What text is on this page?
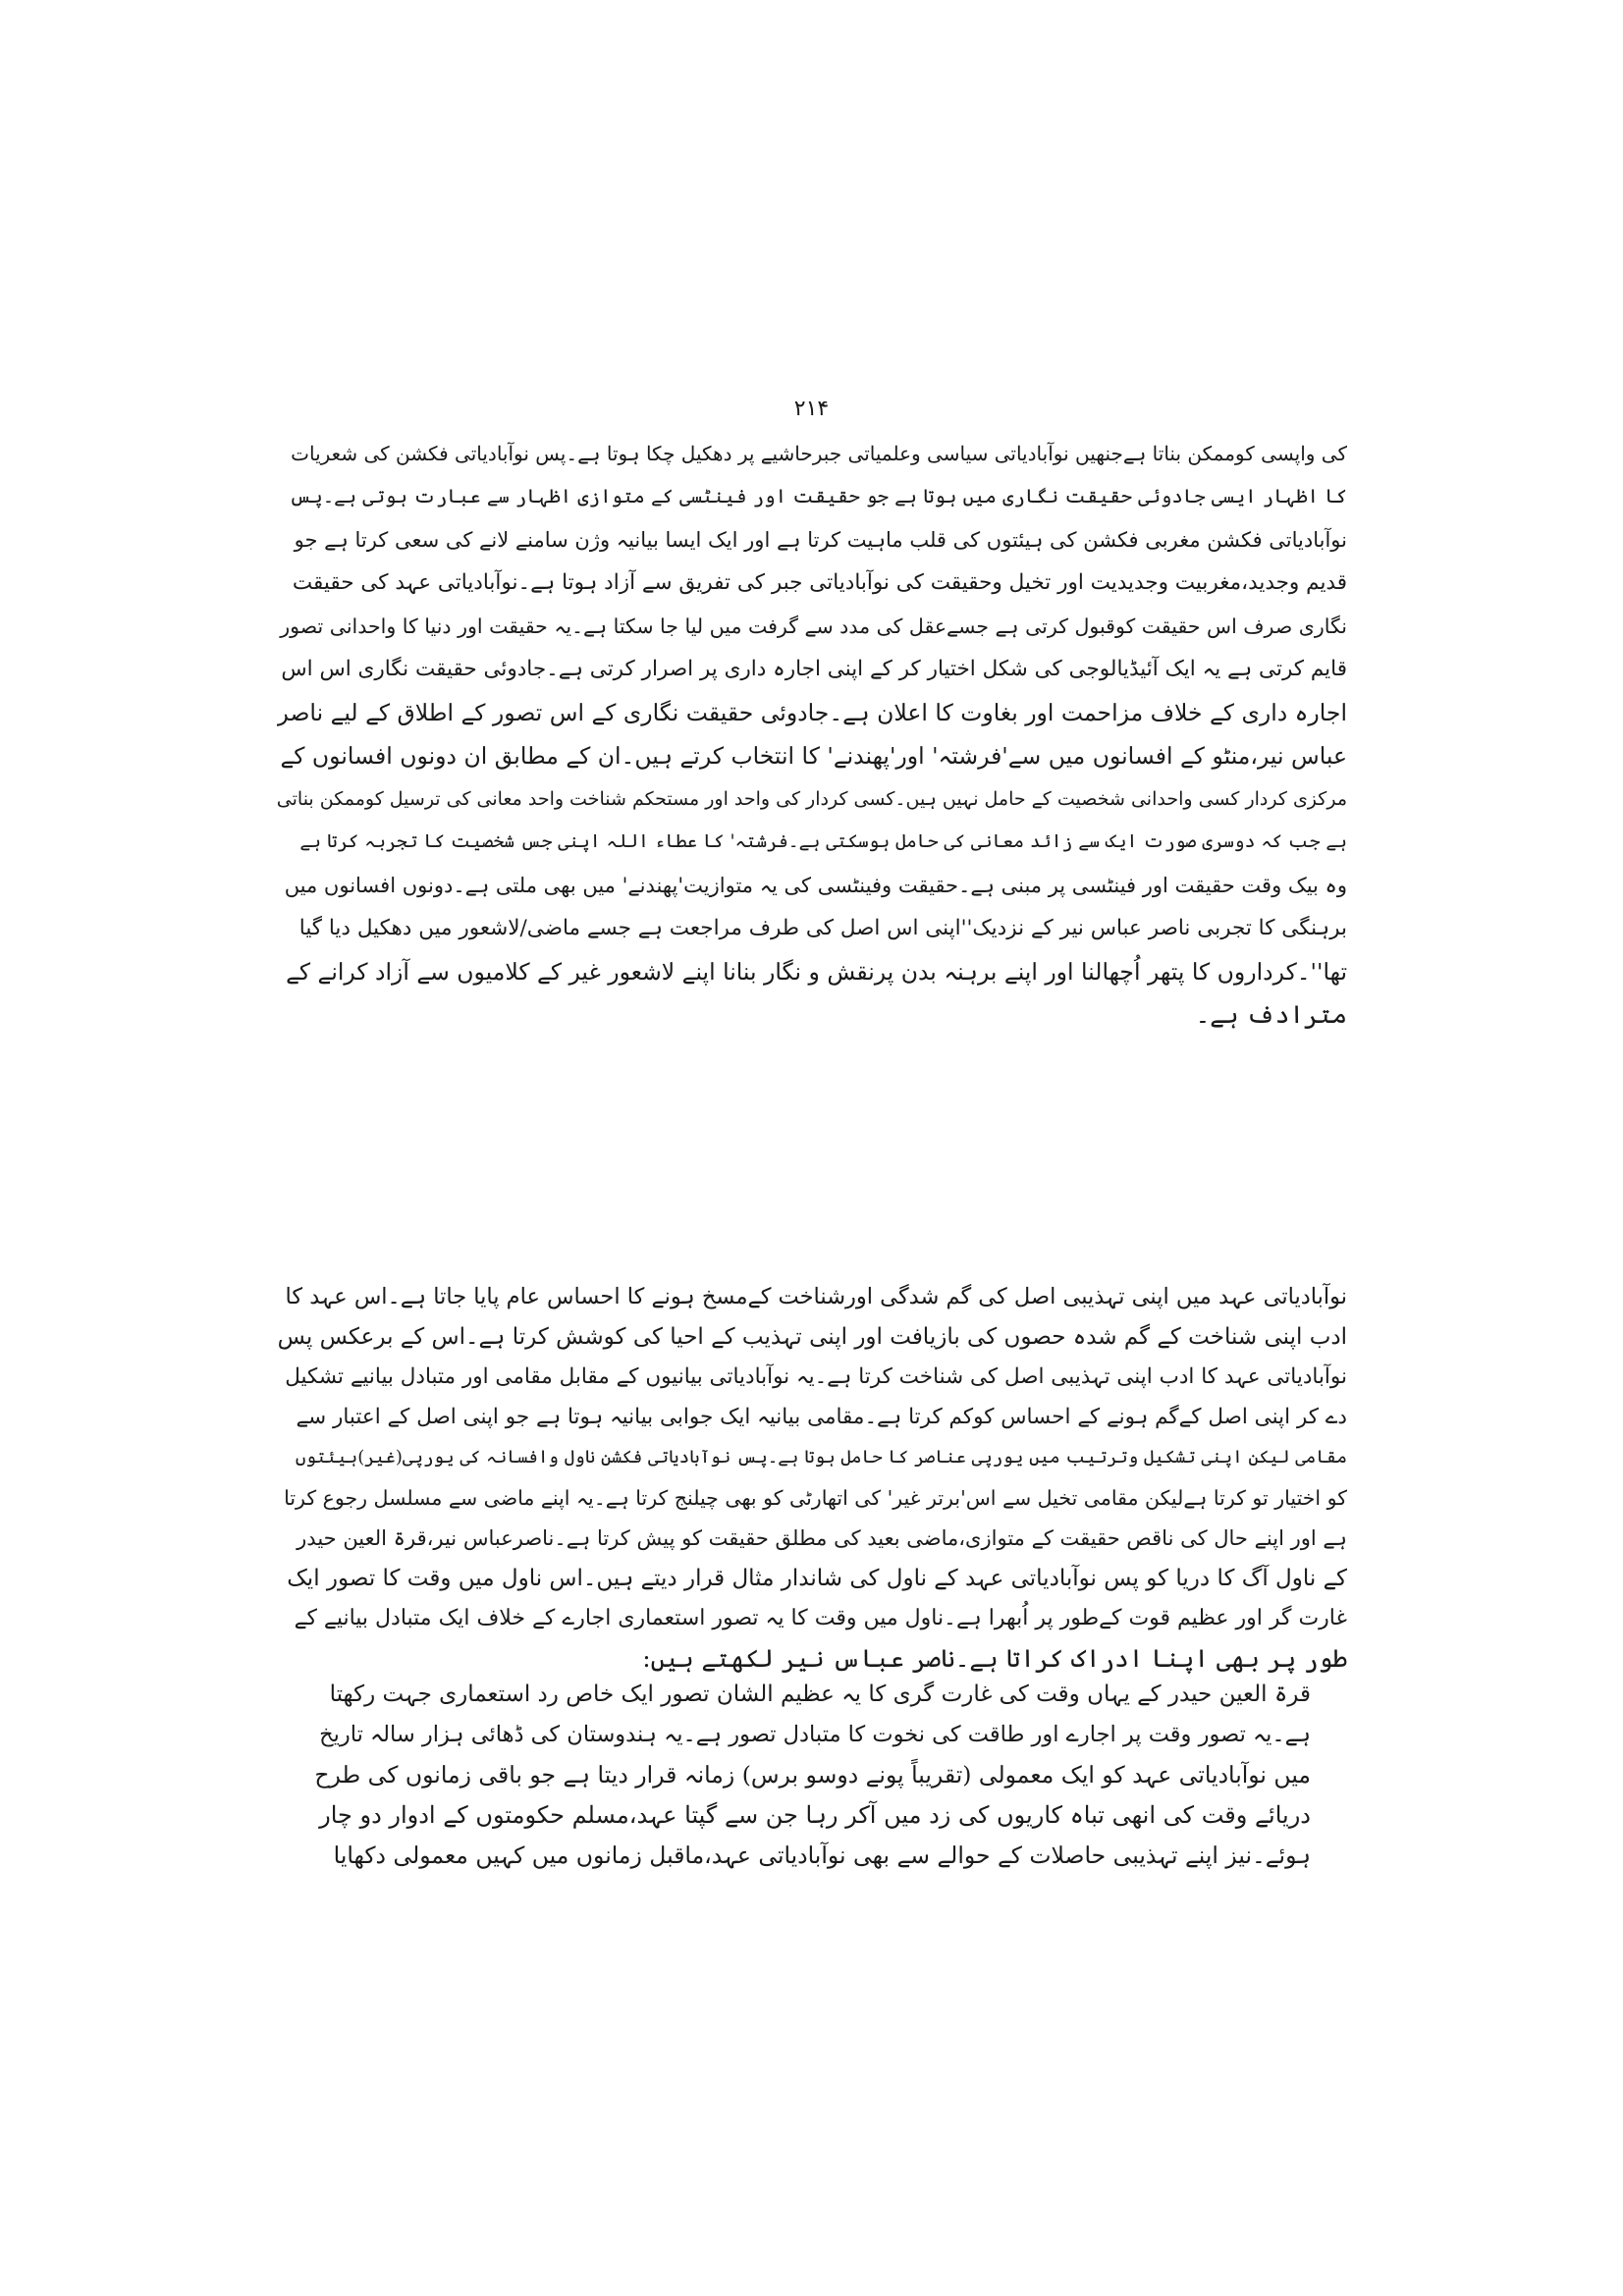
۲۱۴
کی واپسی کوممکن بناتا ہےجنھیں نوآبادیاتی سیاسی وعلمیاتی جبرحاشیے پر دھکیل چکا ہوتا ہے۔پس نوآبادیاتی فکشن کی شعریات
کا اظہار ایسی جادوئی حقیقت نگاری میں ہوتا ہے جو حقیقت اور فینٹسی کے متوازی اظہار سے عبارت ہوتی ہے۔پس
نوآبادیاتی فکشن مغربی فکشن کی ہیئتوں کی قلب ماہیت کرتا ہے اور ایک ایسا بیانیہ وژن سامنے لانے کی سعی کرتا ہے جو
قدیم وجدید،مغربیت وجدیدیت اور تخیل وحقیقت کی نوآبادیاتی جبر کی تفریق سے آزاد ہوتا ہے۔نوآبادیاتی عہد کی حقیقت
نگاری صرف اس حقیقت کوقبول کرتی ہے جسےعقل کی مدد سے گرفت میں لیا جا سکتا ہے۔یہ حقیقت اور دنیا کا واحدانی تصور
قایم کرتی ہے یہ ایک آئیڈیالوجی کی شکل اختیار کر کے اپنی اجارہ داری پر اصرار کرتی ہے۔جادوئی حقیقت نگاری اس اس
اجارہ داری کے خلاف مزاحمت اور بغاوت کا اعلان ہے۔جادوئی حقیقت نگاری کے اس تصور کے اطلاق کے لیے ناصر
عباس نیر،منٹو کے افسانوں میں سے'فرشتہ' اور'پھندنے' کا انتخاب کرتے ہیں۔ان کے مطابق ان دونوں افسانوں کے
مرکزی کردار کسی واحدانی شخصیت کے حامل نہیں ہیں۔کسی کردار کی واحد اور مستحکم شناخت واحد معانی کی ترسیل کوممکن بناتی
ہے جب کہ دوسری صورت ایک سے زائد معانی کی حامل ہوسکتی ہے۔فرشتہ' کا عطاء اللہ اپنی جس شخصیت کا تجربہ کرتا ہے
وہ بیک وقت حقیقت اور فینٹسی پر مبنی ہے۔حقیقت وفینٹسی کی یہ متوازیت'پھندنے' میں بھی ملتی ہے۔دونوں افسانوں میں
برہنگی کا تجربی ناصر عباس نیر کے نزدیک''اپنی اس اصل کی طرف مراجعت ہے جسے ماضی/لاشعور میں دھکیل دیا گیا
تھا''۔کرداروں کا پتھر اُچھالنا اور اپنے برہنہ بدن پرنقش و نگار بنانا اپنے لاشعور غیر کے کلامیوں سے آزاد کرانے کے
مترادف ہے۔
نوآبادیاتی عہد میں اپنی تہذیبی اصل کی گم شدگی اورشناخت کےمسخ ہونے کا احساس عام پایا جاتا ہے۔اس عہد کا
ادب اپنی شناخت کے گم شدہ حصوں کی بازیافت اور اپنی تہذیب کے احیا کی کوشش کرتا ہے۔اس کے برعکس پس
نوآبادیاتی عہد کا ادب اپنی تہذیبی اصل کی شناخت کرتا ہے۔یہ نوآبادیاتی بیانیوں کے مقابل مقامی اور متبادل بیانیے تشکیل
دے کر اپنی اصل کےگم ہونے کے احساس کوکم کرتا ہے۔مقامی بیانیہ ایک جوابی بیانیہ ہوتا ہے جو اپنی اصل کے اعتبار سے
مقامی لیکن اپنی تشکیل وترتیب میں یورپی عناصر کا حامل ہوتا ہے۔پس نوآبادیاتی فکشن ناول وافسانہ کی یورپی(غیر)ہیئتوں
کو اختیار تو کرتا ہےلیکن مقامی تخیل سے اس'برتر غیر' کی اتھارٹی کو بھی چیلنج کرتا ہے۔یہ اپنے ماضی سے مسلسل رجوع کرتا
ہے اور اپنے حال کی ناقص حقیقت کے متوازی،ماضی بعید کی مطلق حقیقت کو پیش کرتا ہے۔ناصرعباس نیر،قرۃ العین حیدر
کے ناول آگ کا دریا کو پس نوآبادیاتی عہد کے ناول کی شاندار مثال قرار دیتے ہیں۔اس ناول میں وقت کا تصور ایک
غارت گر اور عظیم قوت کےطور پر اُبھرا ہے۔ناول میں وقت کا یہ تصور استعماری اجارے کے خلاف ایک متبادل بیانیے کے
طور پر بھی اپنا ادراک کراتا ہے۔ناصر عباس نیر لکھتے ہیں:
قرۃ العین حیدر کے یہاں وقت کی غارت گری کا یہ عظیم الشان تصور ایک خاص رد استعماری جہت رکھتا
ہے۔یہ تصور وقت پر اجارے اور طاقت کی نخوت کا متبادل تصور ہے۔یہ ہندوستان کی ڈھائی ہزار سالہ تاریخ
میں نوآبادیاتی عہد کو ایک معمولی (تقریباً پونے دوسو برس) زمانہ قرار دیتا ہے جو باقی زمانوں کی طرح
دریائے وقت کی انھی تباہ کاریوں کی زد میں آکر رہا جن سے گپتا عہد،مسلم حکومتوں کے ادوار دو چار
ہوئے۔نیز اپنے تہذیبی حاصلات کے حوالے سے بھی نوآبادیاتی عہد،ماقبل زمانوں میں کہیں معمولی دکھایا
